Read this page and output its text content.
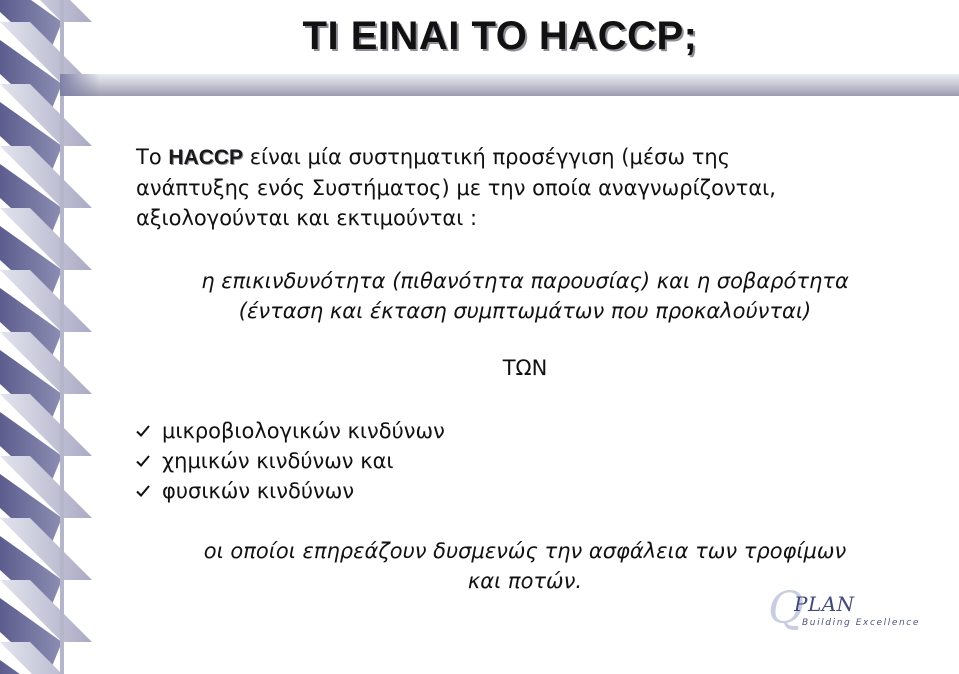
ΤΙ ΕΙΝΑΙ ΤΟ HACCP;
Το HACCP είναι μία συστηματική προσέγγιση (μέσω της
ανάπτυξης ενός Συστήματος) με την οποία αναγνωρίζονται,
αξιολογούνται και εκτιμούνται :
η επικινδυνότητα (πιθανότητα παρουσίας) και η σοβαρότητα
(ένταση και έκταση συμπτωμάτων που προκαλούνται)
ΤΩΝ
μικροβιολογικών κινδύνων
χημικών κινδύνων και
φυσικών κινδύνων
οι οποίοι επηρεάζουν δυσμενώς την ασφάλεια των τροφίμων
και ποτών.
Q
PLAN
Building Excellence
